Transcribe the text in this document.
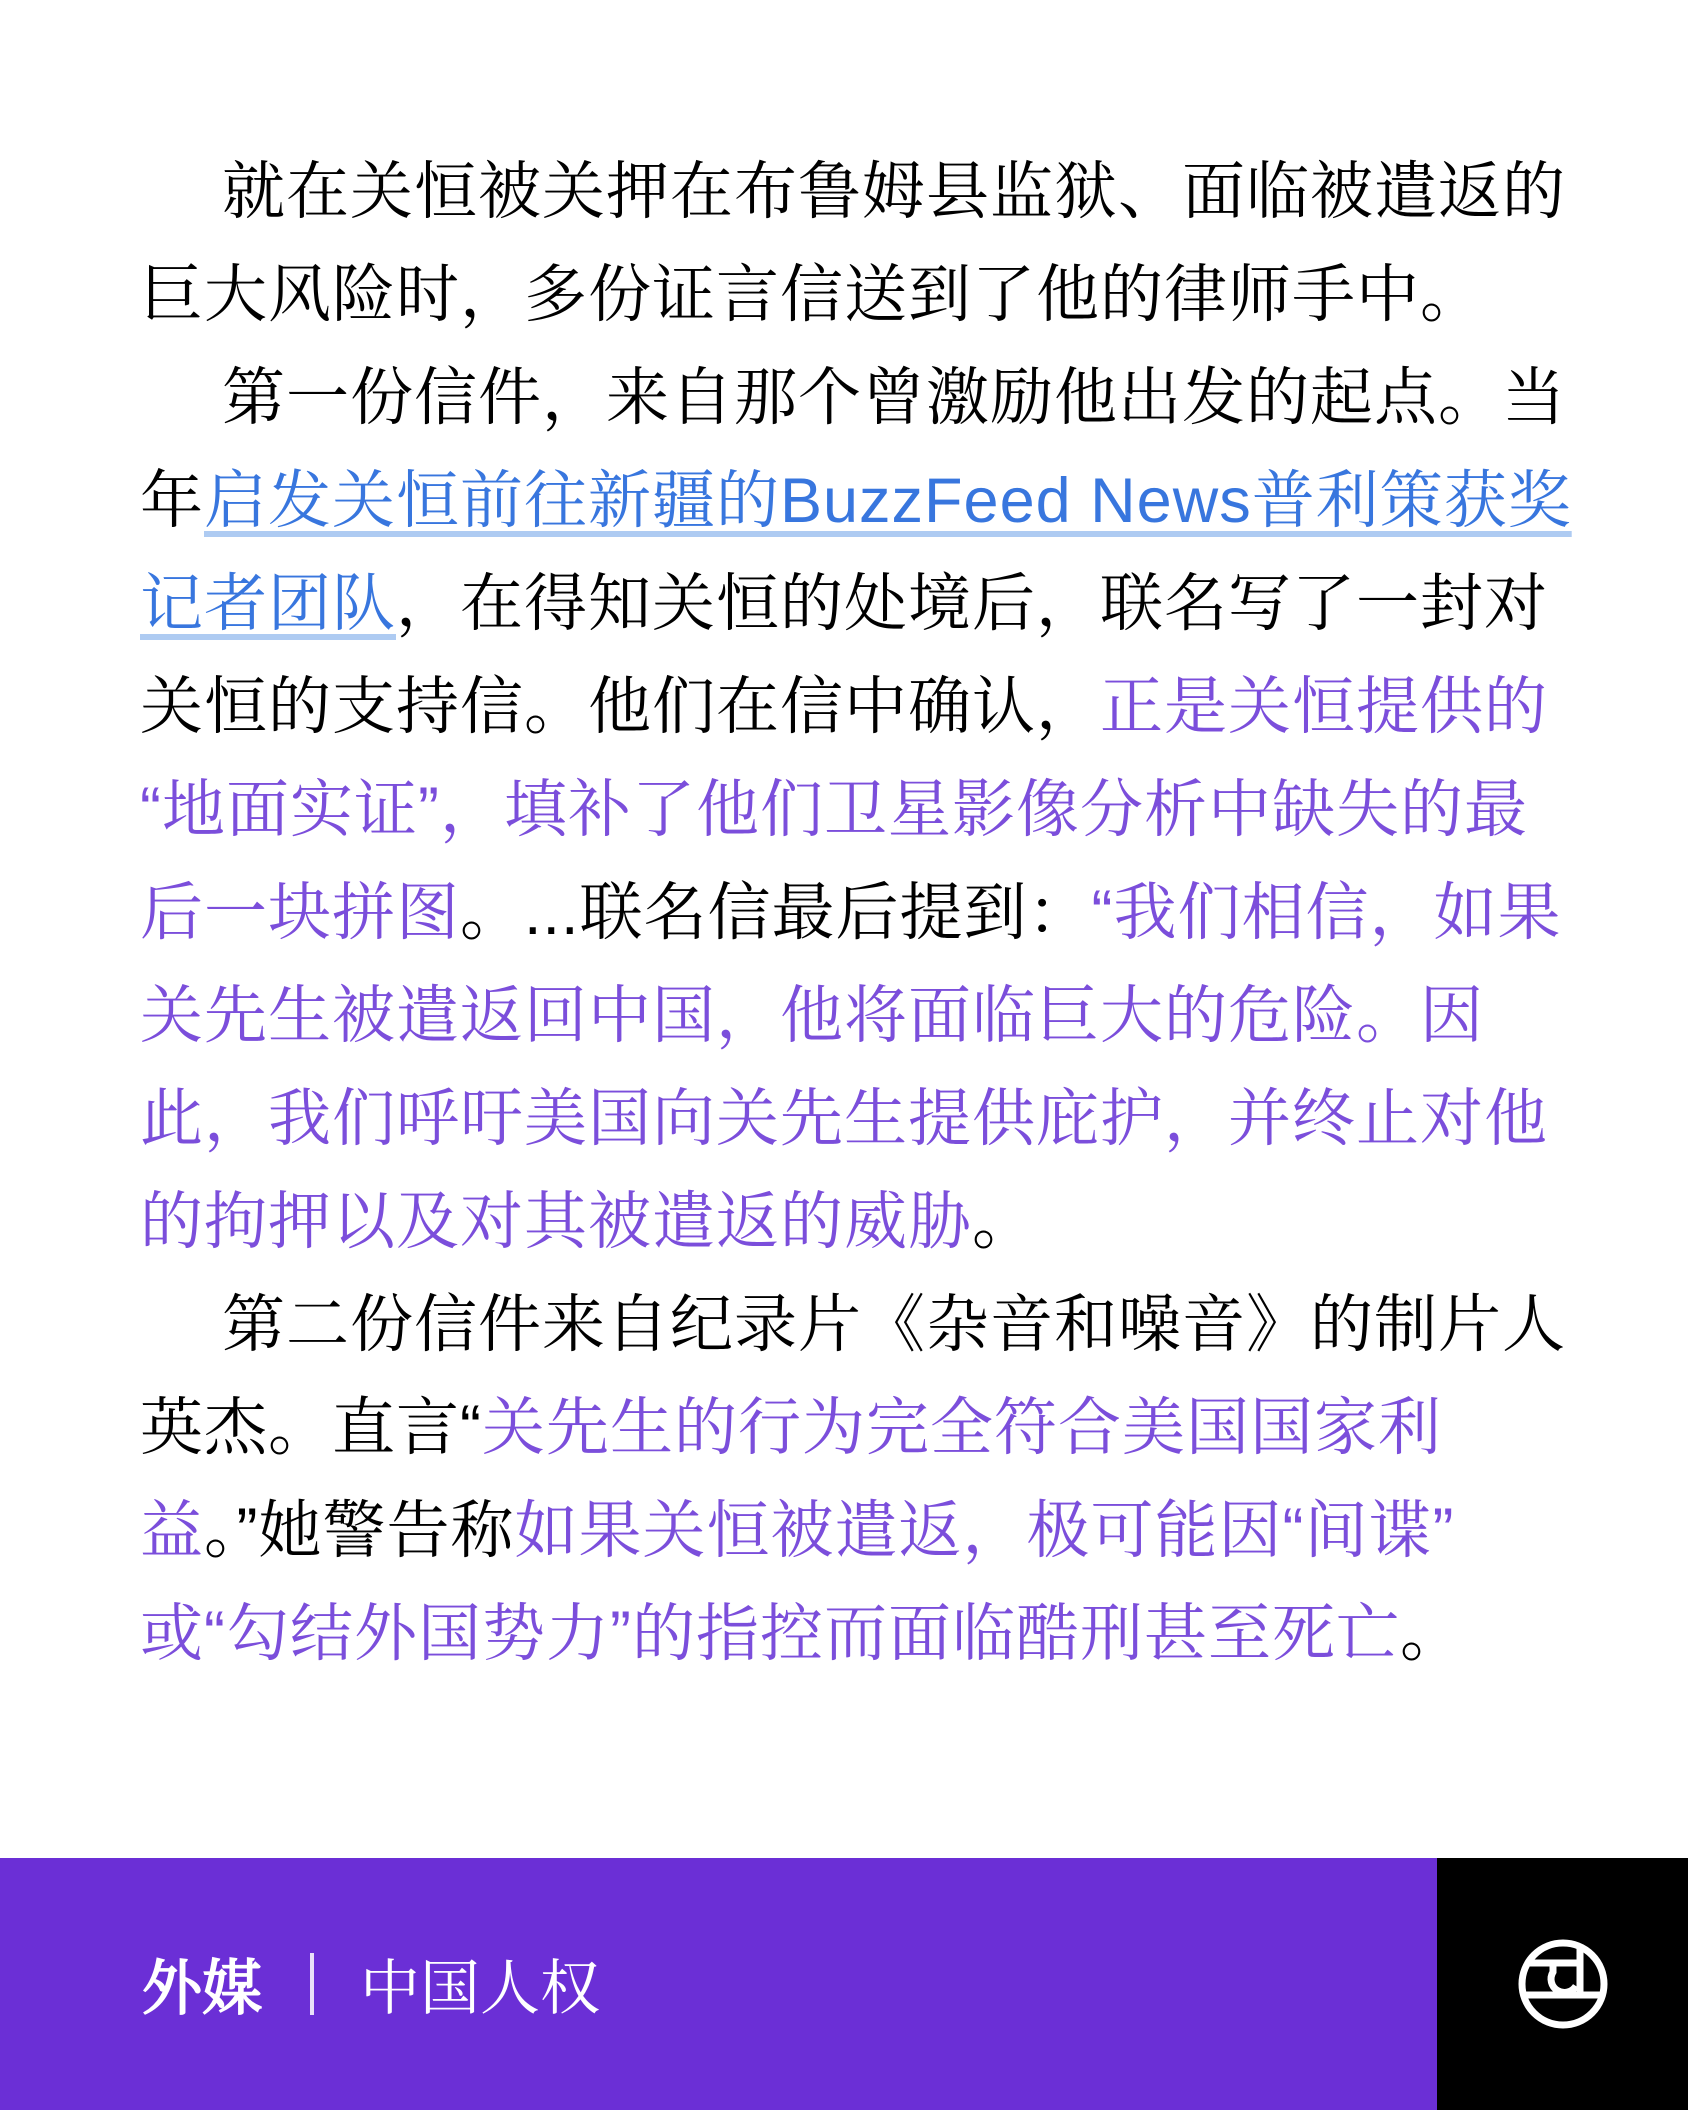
就在关恒被关押在布鲁姆县监狱、面临被遣返的
巨大风险时，多份证言信送到了他的律师手中。
第一份信件，来自那个曾激励他出发的起点。当
年启发关恒前往新疆的BuzzFeed News普利策获奖
记者团队，在得知关恒的处境后，联名写了一封对
关恒的支持信。他们在信中确认，正是关恒提供的
“地面实证”，填补了他们卫星影像分析中缺失的最
后一块拼图。...联名信最后提到：“我们相信，如果
关先生被遣返回中国，他将面临巨大的危险。因
此，我们呼吁美国向关先生提供庇护，并终止对他
的拘押以及对其被遣返的威胁。
第二份信件来自纪录片《杂音和噪音》的制片人
英杰。直言“关先生的行为完全符合美国国家利
益。”她警告称如果关恒被遣返，极可能因“间谍”
或“勾结外国势力”的指控而面临酷刑甚至死亡。
外媒 中国人权
